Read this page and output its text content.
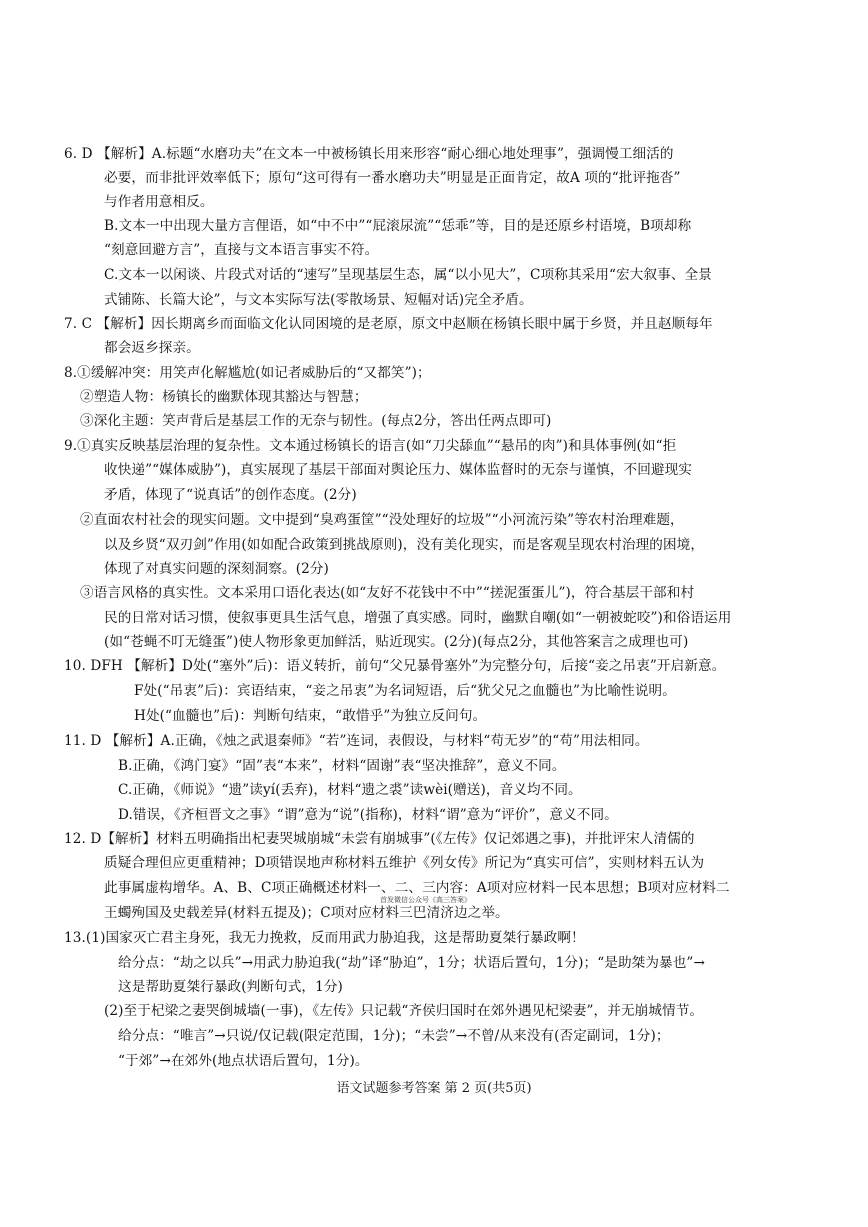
6. D 【解析】A.标题“水磨功夫”在文本一中被杨镇长用来形容“耐心细心地处理事”，强调慢工细活的
必要，而非批评效率低下；原句“这可得有一番水磨功夫”明显是正面肯定，故A 项的“批评拖沓”
与作者用意相反。
B.文本一中出现大量方言俚语，如“中不中”“屁滚尿流”“恁乖”等，目的是还原乡村语境，B项却称
“刻意回避方言”，直接与文本语言事实不符。
C.文本一以闲谈、片段式对话的“速写”呈现基层生态，属“以小见大”，C项称其采用“宏大叙事、全景
式铺陈、长篇大论”，与文本实际写法(零散场景、短幅对话)完全矛盾。
7. C 【解析】因长期离乡而面临文化认同困境的是老原，原文中赵顺在杨镇长眼中属于乡贤，并且赵顺每年
都会返乡探亲。
8.①缓解冲突：用笑声化解尴尬(如记者威胁后的“又都笑”)；
②塑造人物：杨镇长的幽默体现其豁达与智慧；
③深化主题：笑声背后是基层工作的无奈与韧性。(每点2分，答出任两点即可)
9.①真实反映基层治理的复杂性。文本通过杨镇长的语言(如“刀尖舔血”“悬吊的肉”)和具体事例(如“拒
收快递”“媒体威胁”)，真实展现了基层干部面对舆论压力、媒体监督时的无奈与谨慎，不回避现实
矛盾，体现了“说真话”的创作态度。(2分)
②直面农村社会的现实问题。文中提到“臭鸡蛋筐”“没处理好的垃圾”“小河流污染”等农村治理难题，
以及乡贤“双刃剑”作用(如如配合政策到挑战原则)，没有美化现实，而是客观呈现农村治理的困境，
体现了对真实问题的深刻洞察。(2分)
③语言风格的真实性。文本采用口语化表达(如“友好不花钱中不中”“搓泥蛋蛋儿”)，符合基层干部和村
民的日常对话习惯，使叙事更具生活气息，增强了真实感。同时，幽默自嘲(如“一朝被蛇咬”)和俗语运用
(如“苍蝇不叮无缝蛋”)使人物形象更加鲜活，贴近现实。(2分)(每点2分，其他答案言之成理也可)
10. DFH 【解析】D处(“塞外”后)：语义转折，前句“父兄暴骨塞外”为完整分句，后接“妾之吊衷”开启新意。
F处(“吊衷”后)：宾语结束，“妾之吊衷”为名词短语，后“犹父兄之血髓也”为比喻性说明。
H处(“血髓也”后)：判断句结束，“敢惜乎”为独立反问句。
11. D 【解析】A.正确，《烛之武退秦师》“若”连词，表假设，与材料“苟无岁”的“苟”用法相同。
B.正确，《鸿门宴》“固”表“本来”，材料“固谢”表“坚决推辞”，意义不同。
C.正确，《师说》“遗”读yí(丢弃)，材料“遗之裘”读wèi(赠送)，音义均不同。
D.错误，《齐桓晋文之事》“谓”意为“说”(指称)，材料“谓”意为“评价”，意义不同。
12. D【解析】材料五明确指出杞妻哭城崩城“未尝有崩城事”(《左传》仅记郊遇之事)，并批评宋人清儒的
质疑合理但应更重精神；D项错误地声称材料五维护《列女传》所记为“真实可信”，实则材料五认为
此事属虚构增华。A、B、C项正确概述材料一、二、三内容：A项对应材料一民本思想；B项对应材料二
首发微信公众号《高三答案》
王蠋殉国及史载差异(材料五提及)；C项对应材料三巴清济边之举。
13.(1)国家灭亡君主身死，我无力挽救，反而用武力胁迫我，这是帮助夏桀行暴政啊！
给分点：“劫之以兵”→用武力胁迫我(“劫”译“胁迫”，1分；状语后置句，1分)；“是助桀为暴也”→
这是帮助夏桀行暴政(判断句式，1分)
(2)至于杞梁之妻哭倒城墙(一事)，《左传》只记载“齐侯归国时在郊外遇见杞梁妻”，并无崩城情节。
给分点：“唯言”→只说/仅记载(限定范围，1分)；“未尝”→不曾/从来没有(否定副词，1分)；
“于郊”→在郊外(地点状语后置句，1分)。
语文试题参考答案 第 2 页(共5页)
